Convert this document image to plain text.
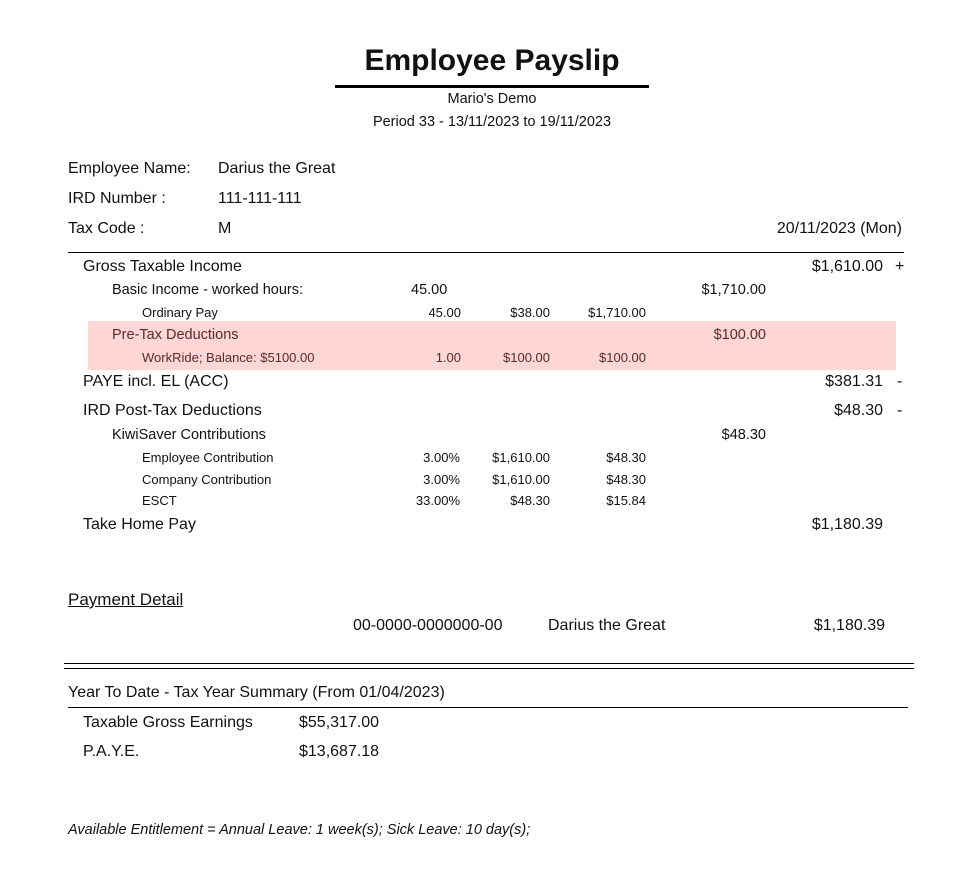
Employee Payslip
Mario's Demo
Period 33 - 13/11/2023 to 19/11/2023
Employee Name: Darius the Great
IRD Number :	111-111-111
Tax Code :	M	20/11/2023 (Mon)
Gross Taxable Income	$1,610.00 +
Basic Income - worked hours:	45.00	$1,710.00
Ordinary Pay	45.00	$38.00	$1,710.00
Pre-Tax Deductions	$100.00
WorkRide; Balance: $5100.00	1.00	$100.00	$100.00
PAYE incl. EL (ACC)	$381.31 -
IRD Post-Tax Deductions	$48.30 -
KiwiSaver Contributions	$48.30
Employee Contribution	3.00%	$1,610.00	$48.30
Company Contribution	3.00%	$1,610.00	$48.30
ESCT	33.00%	$48.30	$15.84
Take Home Pay	$1,180.39
Payment Detail
00-0000-0000000-00	Darius the Great	$1,180.39
Year To Date - Tax Year Summary (From 01/04/2023)
Taxable Gross Earnings	$55,317.00
P.A.Y.E.	$13,687.18
Available Entitlement = Annual Leave: 1 week(s); Sick Leave: 10 day(s);
